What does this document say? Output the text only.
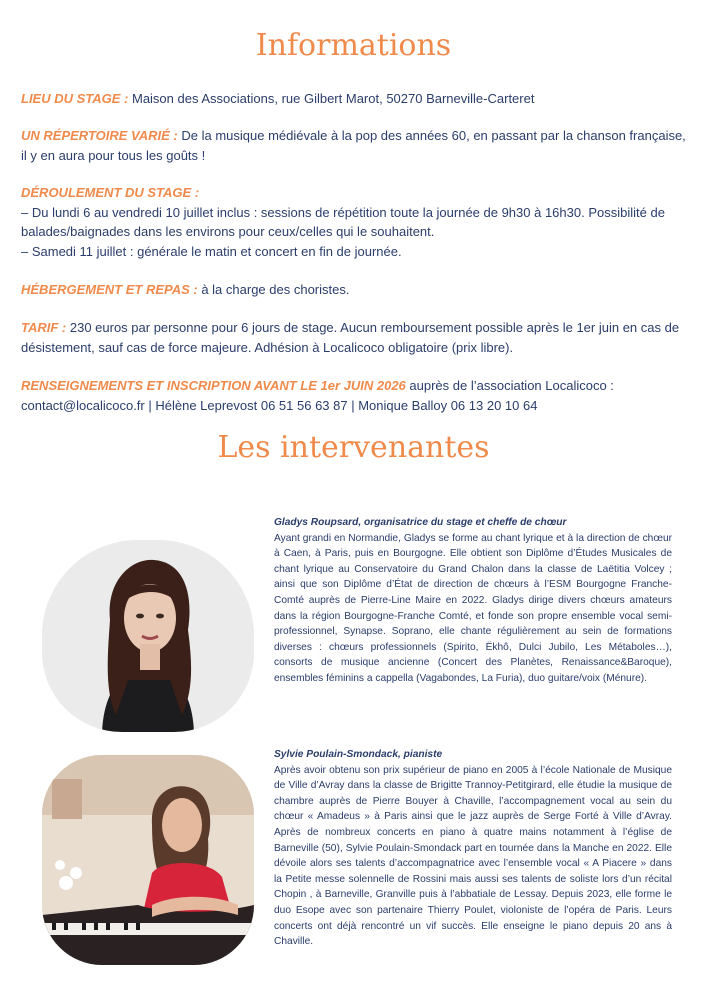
Informations

LIEU DU STAGE : Maison des Associations, rue Gilbert Marot, 50270 Barneville-Carteret

UN RÉPERTOIRE VARIÉ : De la musique médiévale à la pop des années 60, en passant par la chanson française, il y en aura pour tous les goûts !

DÉROULEMENT DU STAGE :
– Du lundi 6 au vendredi 10 juillet inclus : sessions de répétition toute la journée de 9h30 à 16h30. Possibilité de balades/baignades dans les environs pour ceux/celles qui le souhaitent.
– Samedi 11 juillet : générale le matin et concert en fin de journée.

HÉBERGEMENT ET REPAS : à la charge des choristes.

TARIF : 230 euros par personne pour 6 jours de stage. Aucun remboursement possible après le 1er juin en cas de désistement, sauf cas de force majeure. Adhésion à Localicoco obligatoire (prix libre).

RENSEIGNEMENTS ET INSCRIPTION AVANT LE 1er JUIN 2026 auprès de l’association Localicoco : contact@localicoco.fr | Hélène Leprevost 06 51 56 63 87 | Monique Balloy 06 13 20 10 64

Les intervenantes

Gladys Roupsard, organisatrice du stage et cheffe de chœur
Ayant grandi en Normandie, Gladys se forme au chant lyrique et à la direction de chœur à Caen, à Paris, puis en Bourgogne. Elle obtient son Diplôme d’Études Musicales de chant lyrique au Conservatoire du Grand Chalon dans la classe de Laëtitia Volcey ; ainsi que son Diplôme d’État de direction de chœurs à l’ESM Bourgogne Franche-Comté auprès de Pierre-Line Maire en 2022. Gladys dirige divers chœurs amateurs dans la région Bourgogne-Franche Comté, et fonde son propre ensemble vocal semi-professionnel, Synapse. Soprano, elle chante régulièrement au sein de formations diverses : chœurs professionnels (Spirito, Ëkhô, Dulci Jubilo, Les Métaboles…), consorts de musique ancienne (Concert des Planètes, Renaissance&Baroque), ensembles féminins a cappella (Vagabondes, La Furia), duo guitare/voix (Ménure).

Sylvie Poulain-Smondack, pianiste
Après avoir obtenu son prix supérieur de piano en 2005 à l’école Nationale de Musique de Ville d’Avray dans la classe de Brigitte Trannoy-Petitgirard, elle étudie la musique de chambre auprès de Pierre Bouyer à Chaville, l’accompagnement vocal au sein du chœur « Amadeus » à Paris ainsi que le jazz auprès de Serge Forté à Ville d’Avray. Après de nombreux concerts en piano à quatre mains notamment à l’église de Barneville (50), Sylvie Poulain-Smondack part en tournée dans la Manche en 2022. Elle dévoile alors ses talents d’accompagnatrice avec l’ensemble vocal « A Piacere » dans la Petite messe solennelle de Rossini mais aussi ses talents de soliste lors d’un récital Chopin , à Barneville, Granville puis à l’abbatiale de Lessay. Depuis 2023, elle forme le duo Esope avec son partenaire Thierry Poulet, violoniste de l’opéra de Paris. Leurs concerts ont déjà rencontré un vif succès. Elle enseigne le piano depuis 20 ans à Chaville.
